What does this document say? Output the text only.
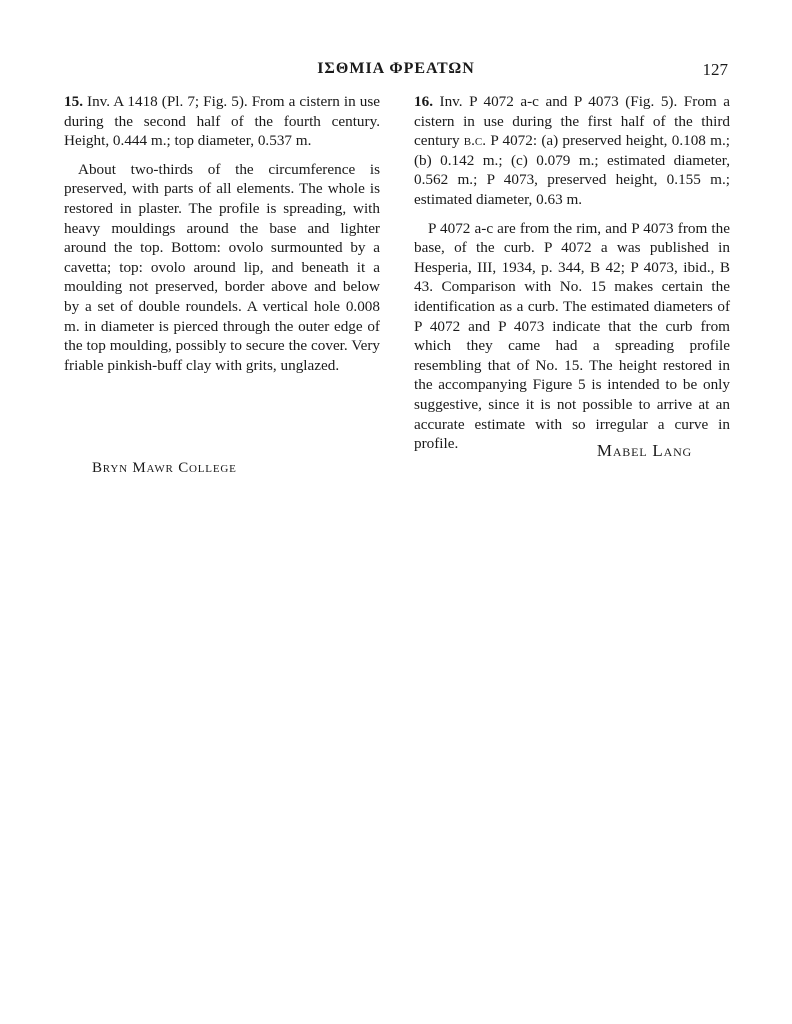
ΙΣΘΜΙΑ ΦΡΕΑΤΩΝ	127

15. Inv. A 1418 (Pl. 7; Fig. 5). From a cistern in use during the second half of the fourth century. Height, 0.444 m.; top diameter, 0.537 m.

About two-thirds of the circumference is preserved, with parts of all elements. The whole is restored in plaster. The profile is spreading, with heavy mouldings around the base and lighter around the top. Bottom: ovolo surmounted by a cavetta; top: ovolo around lip, and beneath it a moulding not preserved, border above and below by a set of double roundels. A vertical hole 0.008 m. in diameter is pierced through the outer edge of the top moulding, possibly to secure the cover. Very friable pinkish-buff clay with grits, unglazed.

16. Inv. P 4072 a-c and P 4073 (Fig. 5). From a cistern in use during the first half of the third century b.c. P 4072: (a) preserved height, 0.108 m.; (b) 0.142 m.; (c) 0.079 m.; estimated diameter, 0.562 m.; P 4073, preserved height, 0.155 m.; estimated diameter, 0.63 m.

P 4072 a-c are from the rim, and P 4073 from the base, of the curb. P 4072 a was published in Hesperia, III, 1934, p. 344, B 42; P 4073, ibid., B 43. Comparison with No. 15 makes certain the identification as a curb. The estimated diameters of P 4072 and P 4073 indicate that the curb from which they came had a spreading profile resembling that of No. 15. The height restored in the accompanying Figure 5 is intended to be only suggestive, since it is not possible to arrive at an accurate estimate with so irregular a curve in profile.	Mabel Lang
Bryn Mawr College
